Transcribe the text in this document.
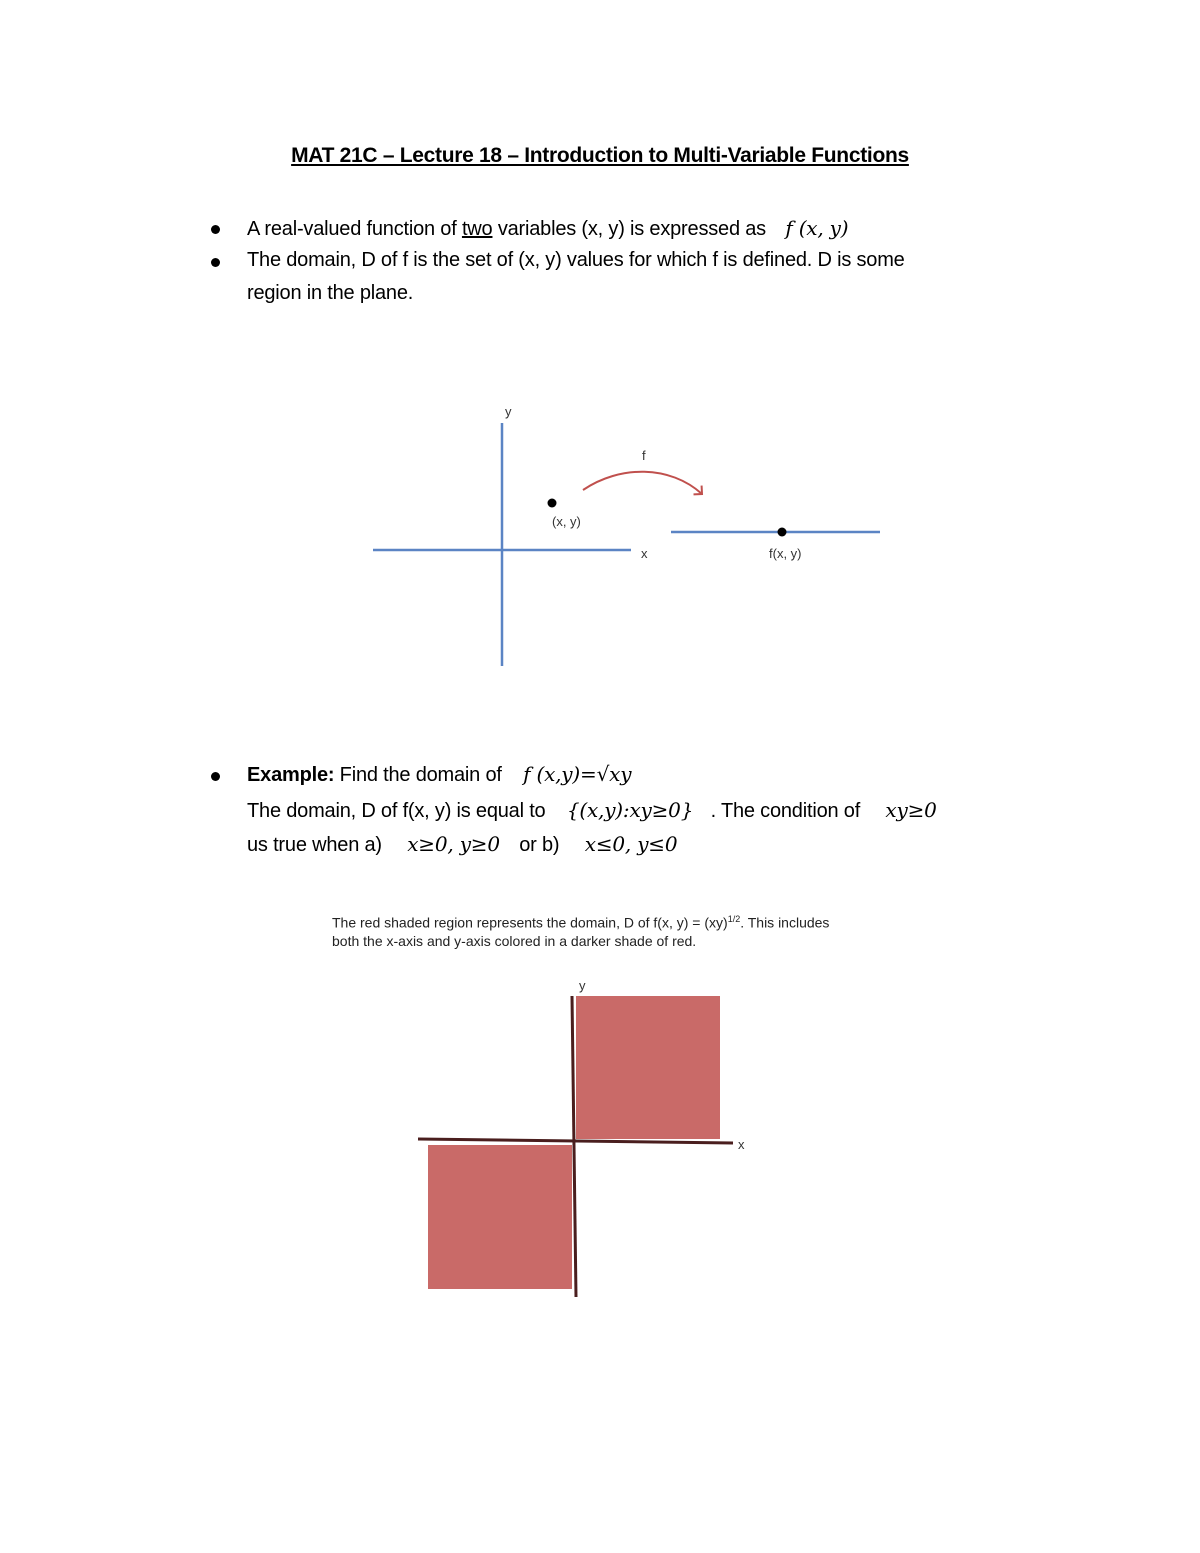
MAT 21C – Lecture 18 – Introduction to Multi-Variable Functions
A real-valued function of two variables (x, y) is expressed as f (x, y)
The domain, D of f is the set of (x, y) values for which f is defined. D is some
region in the plane.
y
x
f
(x, y)
f(x, y)
Example: Find the domain of f (x,y)=√xy
The domain, D of f(x, y) is equal to {(x,y):xy≥0} . The condition of xy≥0
us true when a) x≥0, y≥0 or b) x≤0, y≤0
The red shaded region represents the domain, D of f(x, y) = (xy)$^{1/2}$. This includes
both the x-axis and y-axis colored in a darker shade of red.
y
x
